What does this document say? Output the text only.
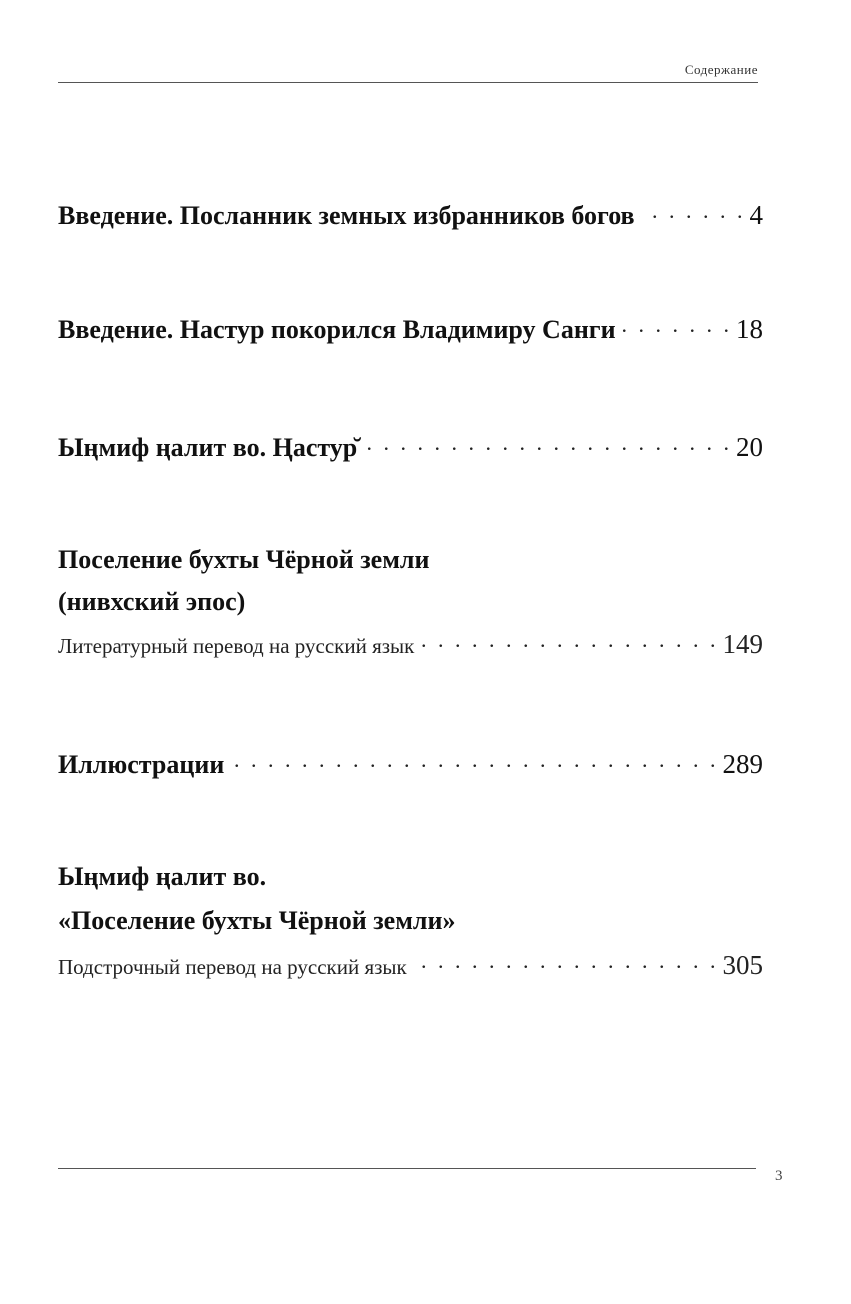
Содержание
Введение. Посланник земных избранников богов . . .	4
Введение. Настур покорился Владимиру Санги . . .	18
Ыңмиф ңалит во. Ңастур̆ . . .	20
Поселение бухты Чёрной земли
(нивхский эпос)
Литературный перевод на русский язык . . .	149
Иллюстрации . . .	289
Ыңмиф ңалит во.
«Поселение бухты Чёрной земли»
Подстрочный перевод на русский язык . . .	305
3
